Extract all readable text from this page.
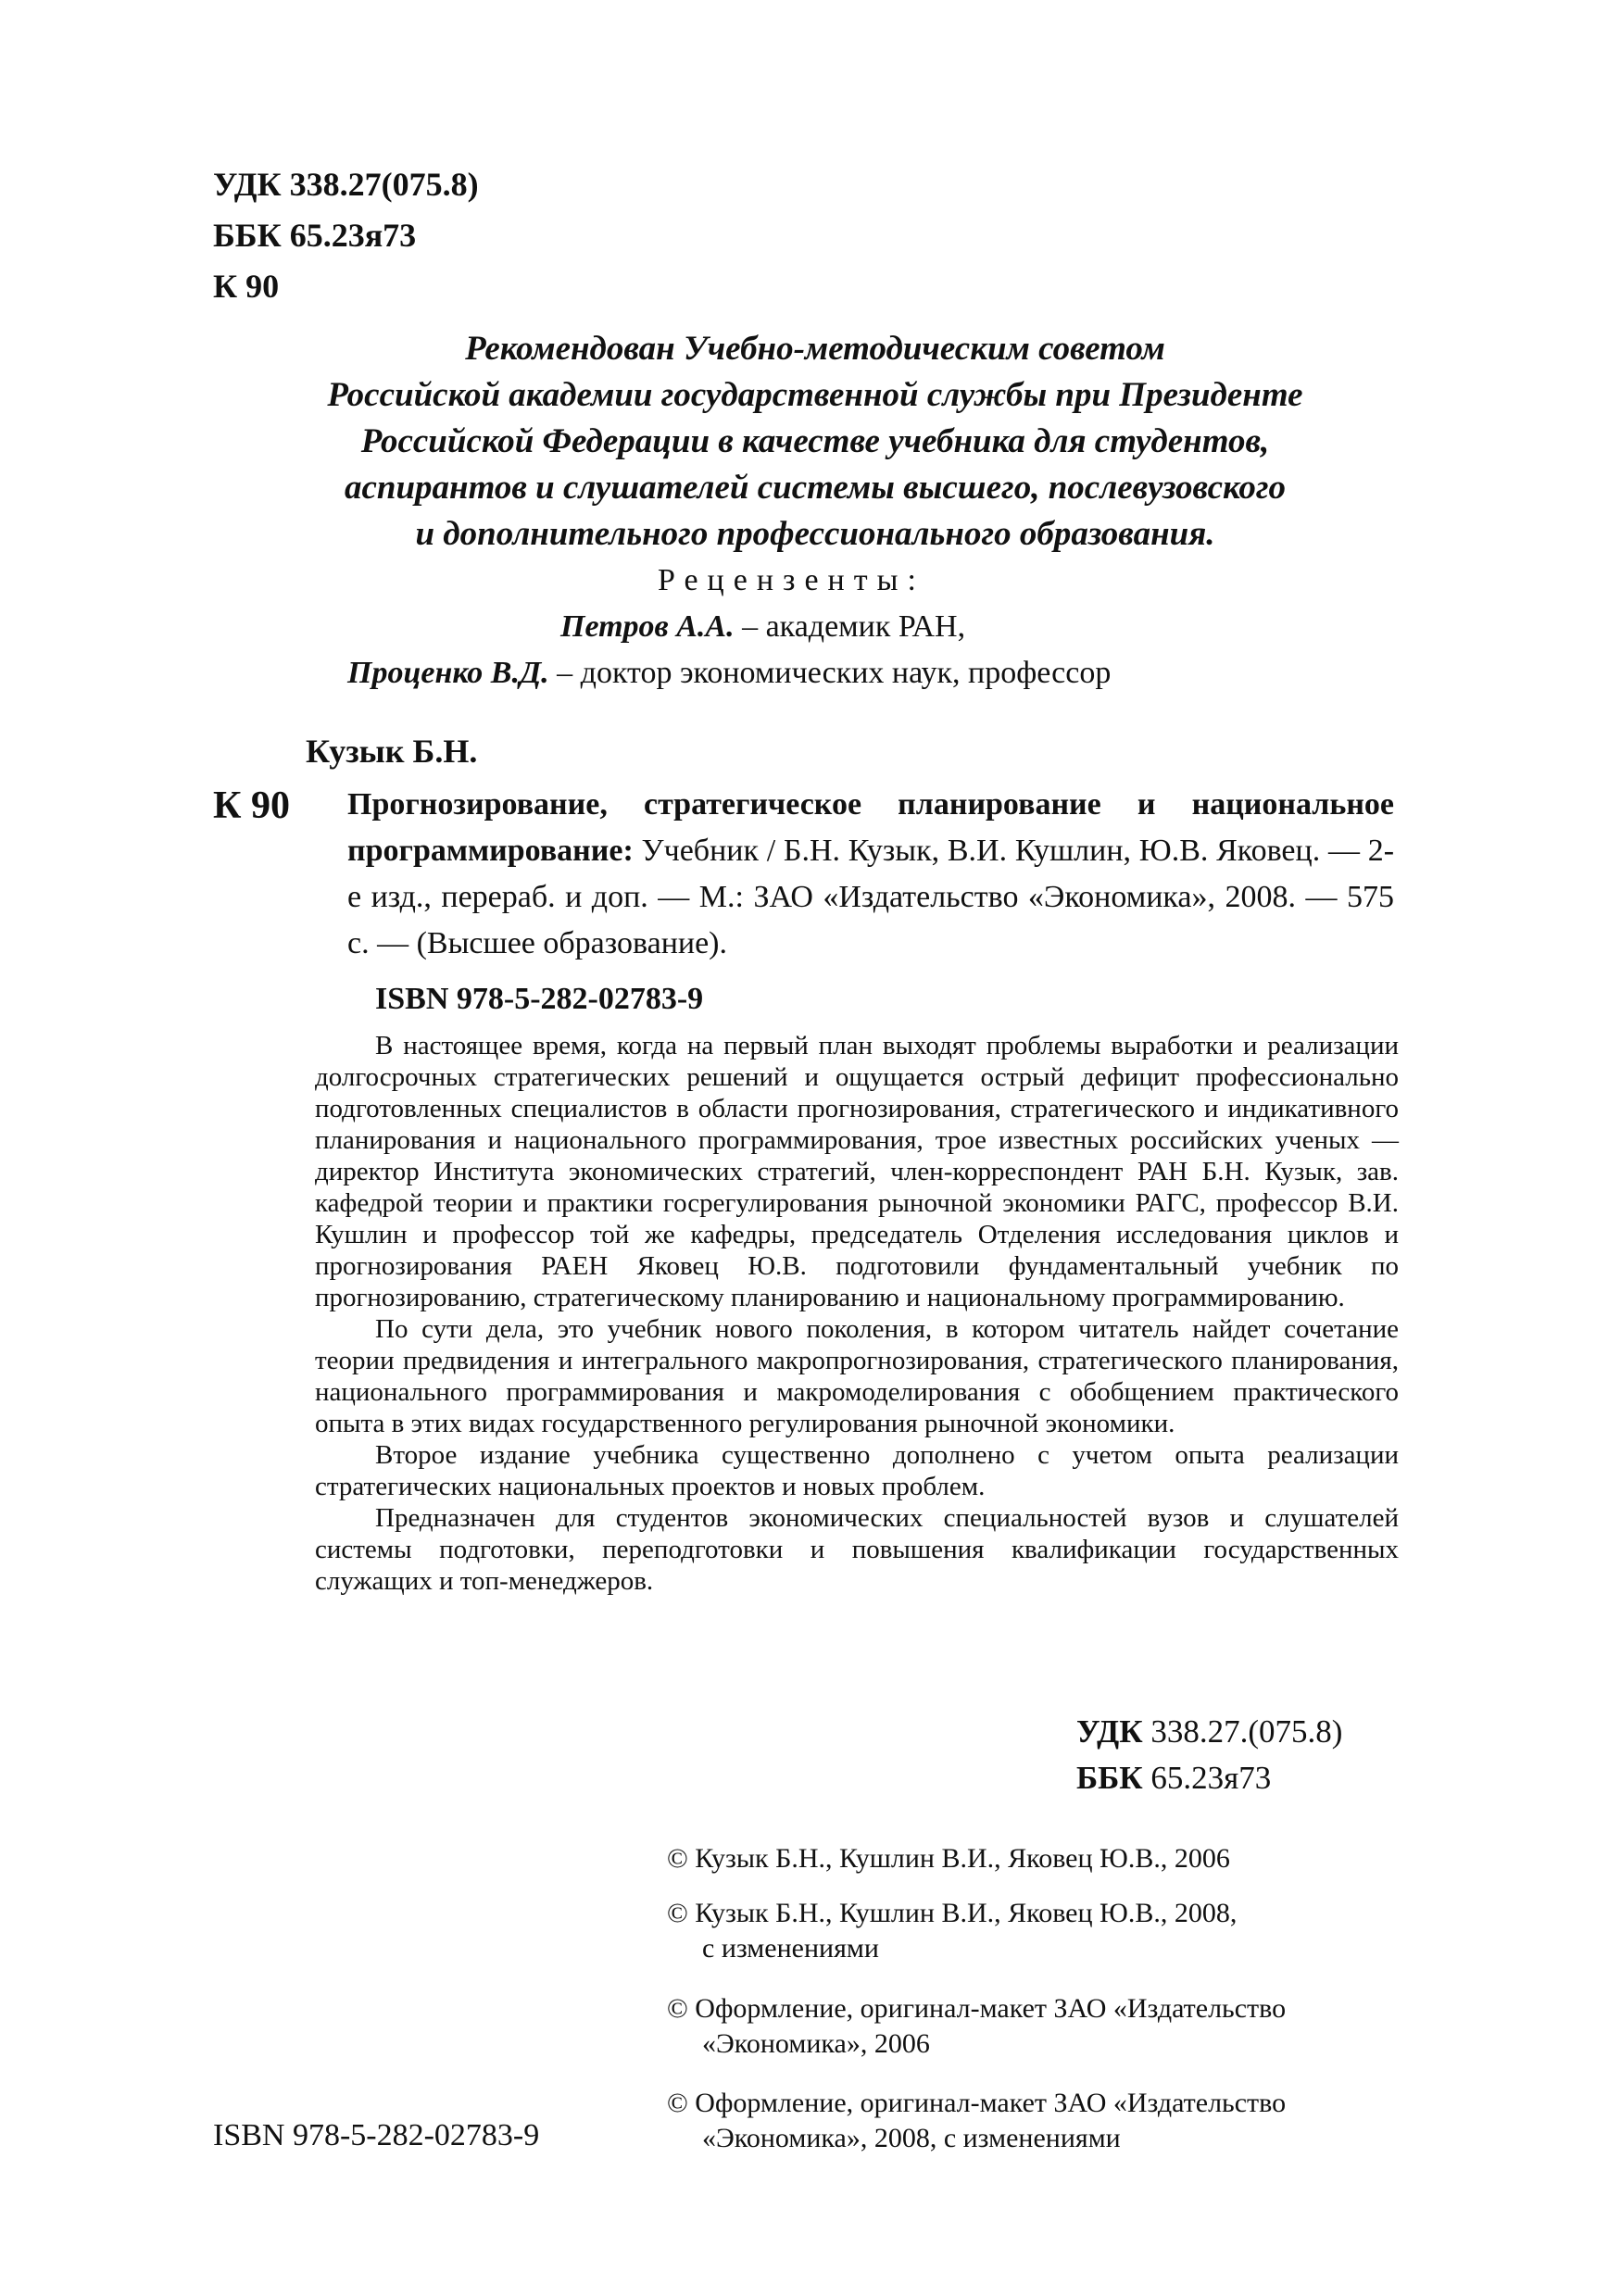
УДК 338.27(075.8)
ББК 65.23я73
К 90
Рекомендован Учебно-методическим советом
Российской академии государственной службы при Президенте
Российской Федерации в качестве учебника для студентов,
аспирантов и слушателей системы высшего, послевузовского
и дополнительного профессионального образования.
Рецензенты:
Петров А.А. – академик РАН,
Проценко В.Д. – доктор экономических наук, профессор
Кузык Б.Н.
К 90 Прогнозирование, стратегическое планирование и национальное программирование: Учебник / Б.Н. Кузык, В.И. Кушлин, Ю.В. Яковец. — 2-е изд., перераб. и доп. — М.: ЗАО «Издательство «Экономика», 2008. — 575 с. — (Высшее образование).
ISBN 978-5-282-02783-9

В настоящее время, когда на первый план выходят проблемы выработки и реализации долгосрочных стратегических решений и ощущается острый дефицит профессионально подготовленных специалистов в области прогнозирования, стратегического и индикативного планирования и национального программирования, трое известных российских ученых — директор Института экономических стратегий, член-корреспондент РАН Б.Н. Кузык, зав. кафедрой теории и практики госрегулирования рыночной экономики РАГС, профессор В.И. Кушлин и профессор той же кафедры, председатель Отделения исследования циклов и прогнозирования РАЕН Яковец Ю.В. подготовили фундаментальный учебник по прогнозированию, стратегическому планированию и национальному программированию.

По сути дела, это учебник нового поколения, в котором читатель найдет сочетание теории предвидения и интегрального макропрогнозирования, стратегического планирования, национального программирования и макромоделирования с обобщением практического опыта в этих видах государственного регулирования рыночной экономики.

Второе издание учебника существенно дополнено с учетом опыта реализации стратегических национальных проектов и новых проблем.

Предназначен для студентов экономических специальностей вузов и слушателей системы подготовки, переподготовки и повышения квалификации государственных служащих и топ-менеджеров.

УДК 338.27.(075.8)
ББК 65.23я73
© Кузык Б.Н., Кушлин В.И., Яковец Ю.В., 2006
© Кузык Б.Н., Кушлин В.И., Яковец Ю.В., 2008,
с изменениями
© Оформление, оригинал-макет ЗАО «Издательство
«Экономика», 2006
© Оформление, оригинал-макет ЗАО «Издательство
«Экономика», 2008, с изменениями
ISBN 978-5-282-02783-9
